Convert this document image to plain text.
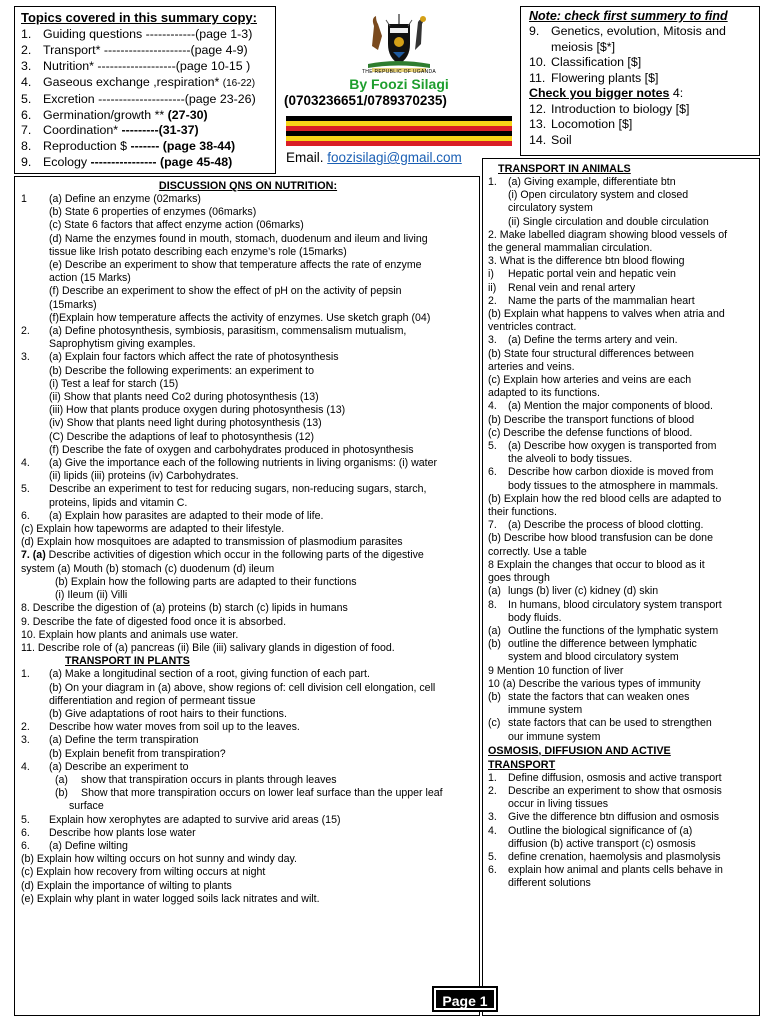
Topics covered in this summary copy:
1. Guiding questions ------------(page 1-3)
2. Transport* ---------------------(page 4-9)
3. Nutrition* -------------------(page 10-15 )
4. Gaseous exchange ,respiration* (16-22)
5. Excretion ---------------------(page 23-26)
6. Germination/growth ** (27-30)
7. Coordination* ---------(31-37)
8. Reproduction $ ------- (page 38-44)
9. Ecology ---------------- (page 45-48)
THE REPUBLIC OF UGANDA
By Foozi Silagi
(0703236651/0789370235)
Email. foozisilagi@gmail.com
Note: check first summery to find
9. Genetics, evolution, Mitosis and meiosis [$*]
10. Classification [$]
11. Flowering plants [$]
Check you bigger notes 4:
12. Introduction to biology [$]
13. Locomotion [$]
14. Soil
DISCUSSION QNS ON NUTRITION:
1	(a) Define an enzyme (02marks)
(b) State 6 properties of enzymes (06marks)
(c) State 6 factors that affect enzyme action (06marks)
(d) Name the enzymes found in mouth, stomach, duodenum and ileum and living
tissue like Irish potato describing each enzyme’s role (15marks)
(e) Describe an experiment to show that temperature affects the rate of enzyme
action (15 Marks)
(f) Describe an experiment to show the effect of pH on the activity of pepsin
(15marks)
(f)Explain how temperature affects the activity of enzymes. Use sketch graph (04)
2.	(a) Define photosynthesis, symbiosis, parasitism, commensalism mutualism,
Saprophytism giving examples.
3.	(a) Explain four factors which affect the rate of photosynthesis
(b) Describe the following experiments: an experiment to
(i) Test a leaf for starch (15)
(ii) Show that plants need Co2 during photosynthesis (13)
(iii) How that plants produce oxygen during photosynthesis (13)
(iv) Show that plants need light during photosynthesis (13)
(C) Describe the adaptions of leaf to photosynthesis (12)
(f) Describe the fate of oxygen and carbohydrates produced in photosynthesis
4.	(a) Give the importance each of the following nutrients in living organisms: (i) water
(ii) lipids (iii) proteins (iv) Carbohydrates.
5.	Describe an experiment to test for reducing sugars, non-reducing sugars, starch,
proteins, lipids and vitamin C.
6.	(a) Explain how parasites are adapted to their mode of life.
(c) Explain how tapeworms are adapted to their lifestyle.
(d) Explain how mosquitoes are adapted to transmission of plasmodium parasites
7. (a) Describe activities of digestion which occur in the following parts of the digestive
system (a) Mouth (b) stomach (c) duodenum (d) ileum
(b) Explain how the following parts are adapted to their functions
(i) Ileum (ii) Villi
8. Describe the digestion of (a) proteins (b) starch (c) lipids in humans
9. Describe the fate of digested food once it is absorbed.
10. Explain how plants and animals use water.
11. Describe role of (a) pancreas (ii) Bile (iii) salivary glands in digestion of food.
TRANSPORT IN PLANTS
1.	(a) Make a longitudinal section of a root, giving function of each part.
(b) On your diagram in (a) above, show regions of: cell division cell elongation, cell
differentiation and region of permeant tissue
(b) Give adaptations of root hairs to their functions.
2.	Describe how water moves from soil up to the leaves.
3.	(a) Define the term transpiration
(b) Explain benefit from transpiration?
4.	(a) Describe an experiment to
(a)	show that transpiration occurs in plants through leaves
(b)	Show that more transpiration occurs on lower leaf surface than the upper leaf
surface
5.	Explain how xerophytes are adapted to survive arid areas (15)
6.	Describe how plants lose water
6.	(a) Define wilting
(b) Explain how wilting occurs on hot sunny and windy day.
(c) Explain how recovery from wilting occurs at night
(d) Explain the importance of wilting to plants
(e) Explain why plant in water logged soils lack nitrates and wilt.
TRANSPORT IN ANIMALS
1.	(a) Giving example, differentiate btn
(i) Open circulatory system and closed
circulatory system
(ii) Single circulation and double circulation
2. Make labelled diagram showing blood vessels of
the general mammalian circulation.
3. What is the difference btn blood flowing
i)	Hepatic portal vein and hepatic vein
ii)	Renal vein and renal artery
2.	Name the parts of the mammalian heart
(b) Explain what happens to valves when atria and
ventricles contract.
3.	(a) Define the terms artery and vein.
(b) State four structural differences between
arteries and veins.
(c) Explain how arteries and veins are each
adapted to its functions.
4.	(a) Mention the major components of blood.
(b) Describe the transport functions of blood
(c) Describe the defense functions of blood.
5.	(a) Describe how oxygen is transported from
the alveoli to body tissues.
6.	Describe how carbon dioxide is moved from
body tissues to the atmosphere in mammals.
(b) Explain how the red blood cells are adapted to
their functions.
7.	(a) Describe the process of blood clotting.
(b) Describe how blood transfusion can be done
correctly. Use a table
8 Explain the changes that occur to blood as it
goes through
(a) lungs (b) liver (c) kidney (d) skin
8.	In humans, blood circulatory system transport
body fluids.
(a) Outline the functions of the lymphatic system
(b) outline the difference between lymphatic
system and blood circulatory system
9 Mention 10 function of liver
10 (a) Describe the various types of immunity
(b) state the factors that can weaken ones
immune system
(c) state factors that can be used to strengthen
our immune system
OSMOSIS, DIFFUSION AND ACTIVE
TRANSPORT
1.	Define diffusion, osmosis and active transport
2.	Describe an experiment to show that osmosis
occur in living tissues
3.	Give the difference btn diffusion and osmosis
4.	Outline the biological significance of (a)
diffusion (b) active transport (c) osmosis
5.	define crenation, haemolysis and plasmolysis
6.	explain how animal and plants cells behave in
different solutions
Page 1
